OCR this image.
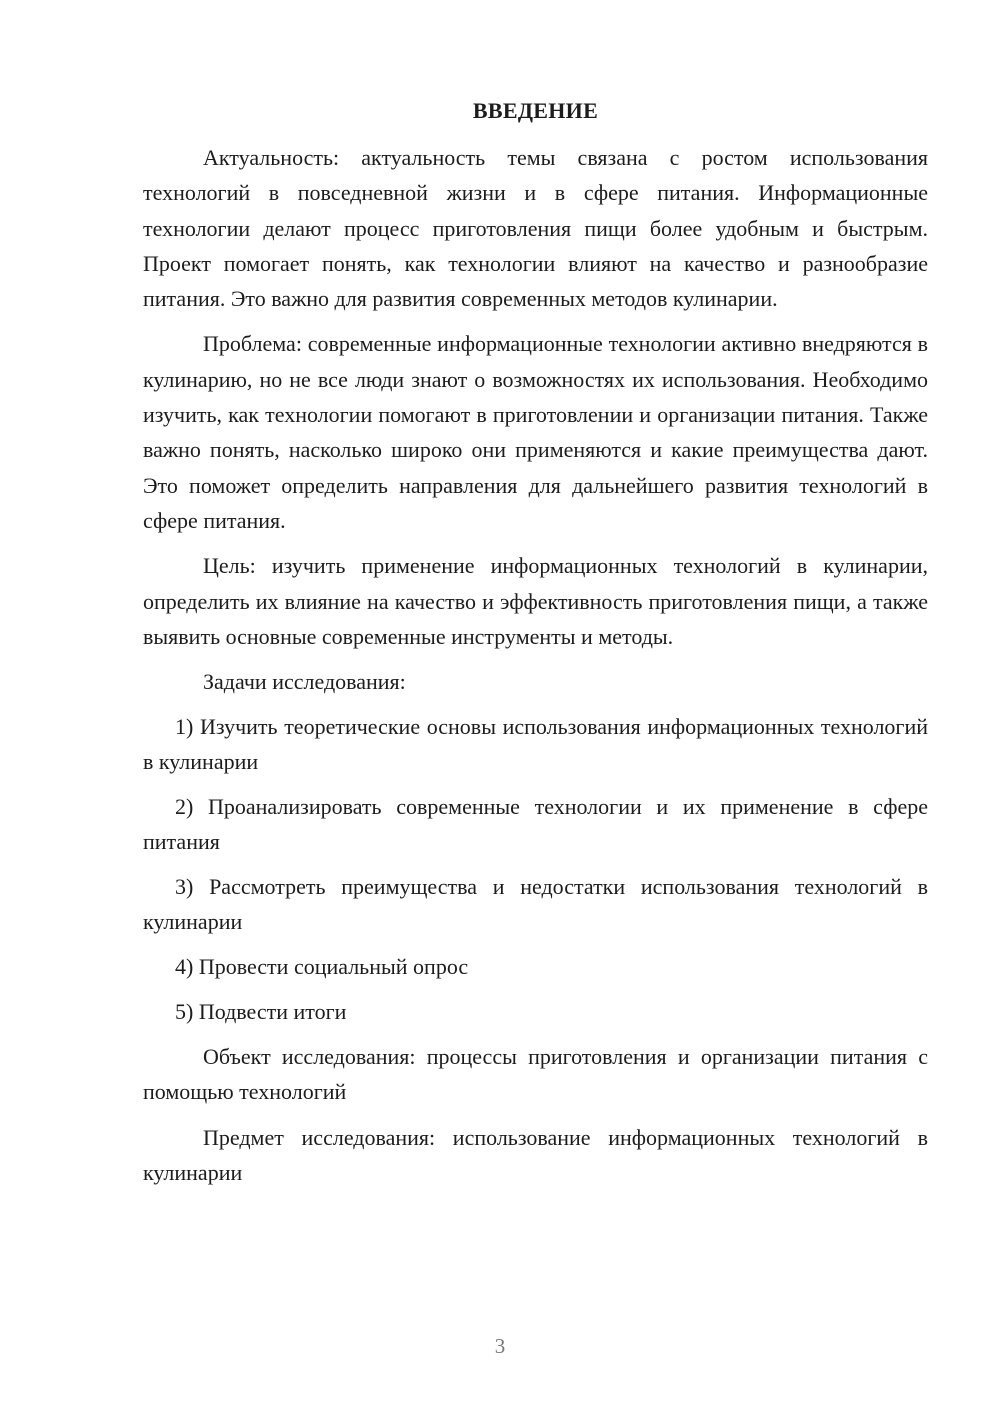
ВВЕДЕНИЕ

Актуальность: актуальность темы связана с ростом использования технологий в повседневной жизни и в сфере питания. Информационные технологии делают процесс приготовления пищи более удобным и быстрым. Проект помогает понять, как технологии влияют на качество и разнообразие питания. Это важно для развития современных методов кулинарии.

Проблема: современные информационные технологии активно внедряются в кулинарию, но не все люди знают о возможностях их использования. Необходимо изучить, как технологии помогают в приготовлении и организации питания. Также важно понять, насколько широко они применяются и какие преимущества дают. Это поможет определить направления для дальнейшего развития технологий в сфере питания.

Цель: изучить применение информационных технологий в кулинарии, определить их влияние на качество и эффективность приготовления пищи, а также выявить основные современные инструменты и методы.

Задачи исследования:

1) Изучить теоретические основы использования информационных технологий в кулинарии

2) Проанализировать современные технологии и их применение в сфере питания

3) Рассмотреть преимущества и недостатки использования технологий в кулинарии

4) Провести социальный опрос

5) Подвести итоги

Объект исследования: процессы приготовления и организации питания с помощью технологий

Предмет исследования: использование информационных технологий в кулинарии

3
